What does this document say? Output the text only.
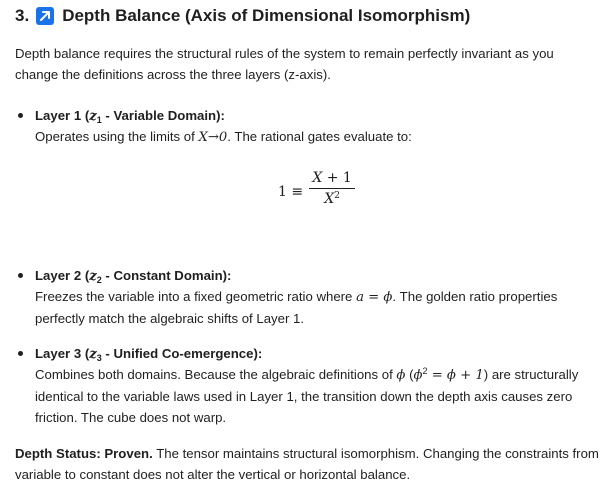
3. Depth Balance (Axis of Dimensional Isomorphism)
Depth balance requires the structural rules of the system to remain perfectly invariant as you change the definitions across the three layers (z-axis).
Layer 1 ($z_1$ - Variable Domain):
Operates using the limits of X→0. The rational gates evaluate to:
$1 \equiv \frac{X + 1}{X^2}$
Layer 2 ($z_2$ - Constant Domain):
Freezes the variable into a fixed geometric ratio where a = ϕ. The golden ratio properties perfectly match the algebraic shifts of Layer 1.
Layer 3 ($z_3$ - Unified Co-emergence):
Combines both domains. Because the algebraic definitions of ϕ $(\phi^2 = \phi + 1)$ are structurally identical to the variable laws used in Layer 1, the transition down the depth axis causes zero friction. The cube does not warp.
Depth Status: Proven. The tensor maintains structural isomorphism. Changing the constraints from variable to constant does not alter the vertical or horizontal balance.
